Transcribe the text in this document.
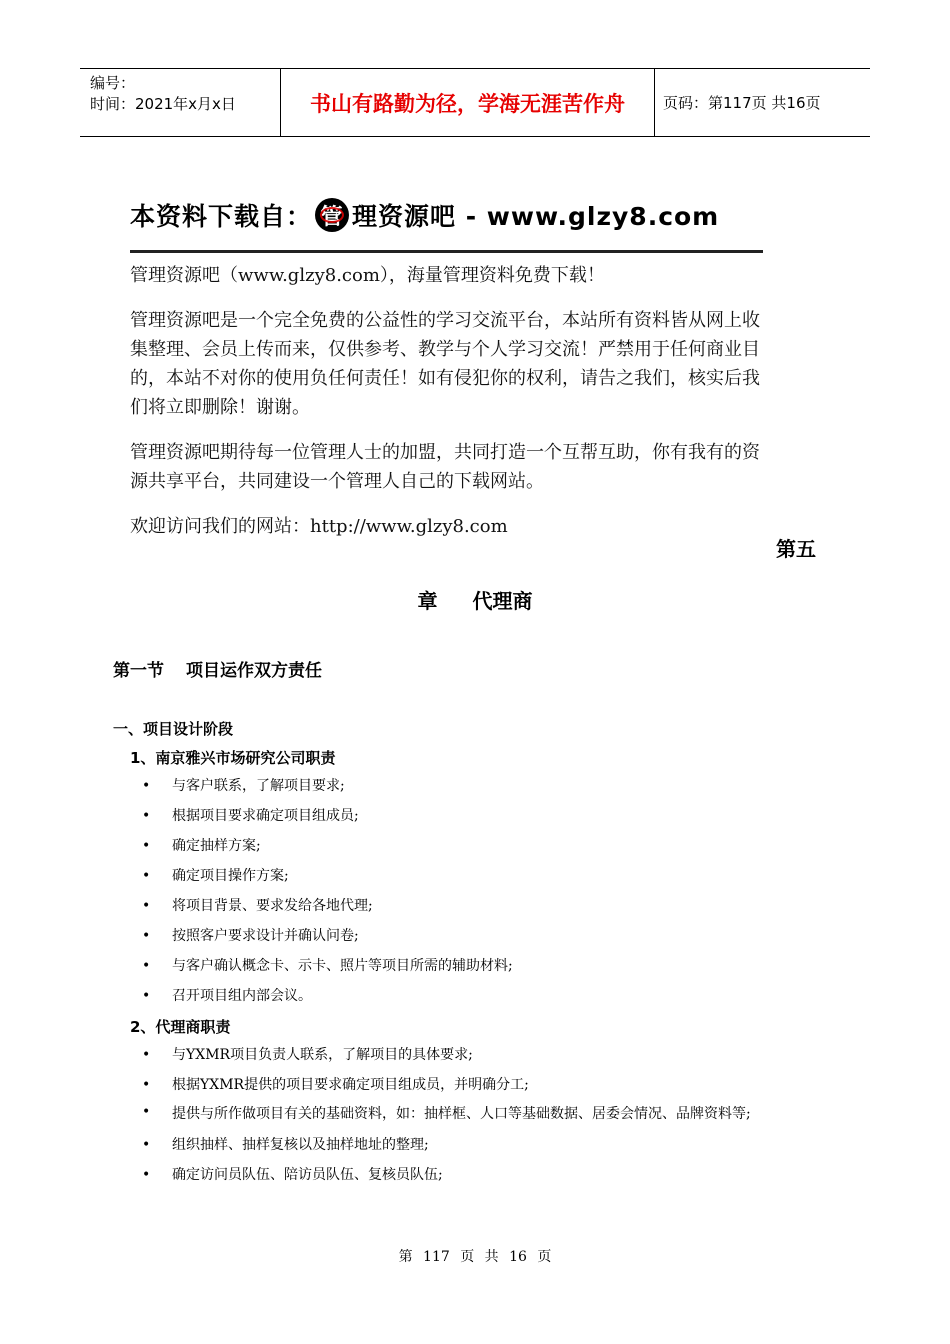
编号：
时间：2021年x月x日	书山有路勤为径，学海无涯苦作舟	页码：第117页 共16页
本资料下载自： 管 理资源吧 - www.glzy8.com

管理资源吧（www.glzy8.com），海量管理资料免费下载！

管理资源吧是一个完全免费的公益性的学习交流平台，本站所有资料皆从网上收集整理、会员上传而来，仅供参考、教学与个人学习交流！严禁用于任何商业目的，本站不对你的使用负任何责任！如有侵犯你的权利，请告之我们，核实后我们将立即删除！谢谢。

管理资源吧期待每一位管理人士的加盟，共同打造一个互帮互助，你有我有的资源共享平台，共同建设一个管理人自己的下载网站。

欢迎访问我们的网站：http://www.glzy8.com

第五
章 代理商
第一节 项目运作双方责任
一、项目设计阶段
1、南京雅兴市场研究公司职责
• 与客户联系，了解项目要求;
• 根据项目要求确定项目组成员;
• 确定抽样方案;
• 确定项目操作方案;
• 将项目背景、要求发给各地代理;
• 按照客户要求设计并确认问卷;
• 与客户确认概念卡、示卡、照片等项目所需的辅助材料;
• 召开项目组内部会议。
2、代理商职责
• 与YXMR项目负责人联系，了解项目的具体要求;
• 根据YXMR提供的项目要求确定项目组成员，并明确分工;
• 提供与所作做项目有关的基础资料，如：抽样框、人口等基础数据、居委会情况、品牌资料等;
• 组织抽样、抽样复核以及抽样地址的整理;
• 确定访问员队伍、陪访员队伍、复核员队伍;
第 117 页 共 16 页
